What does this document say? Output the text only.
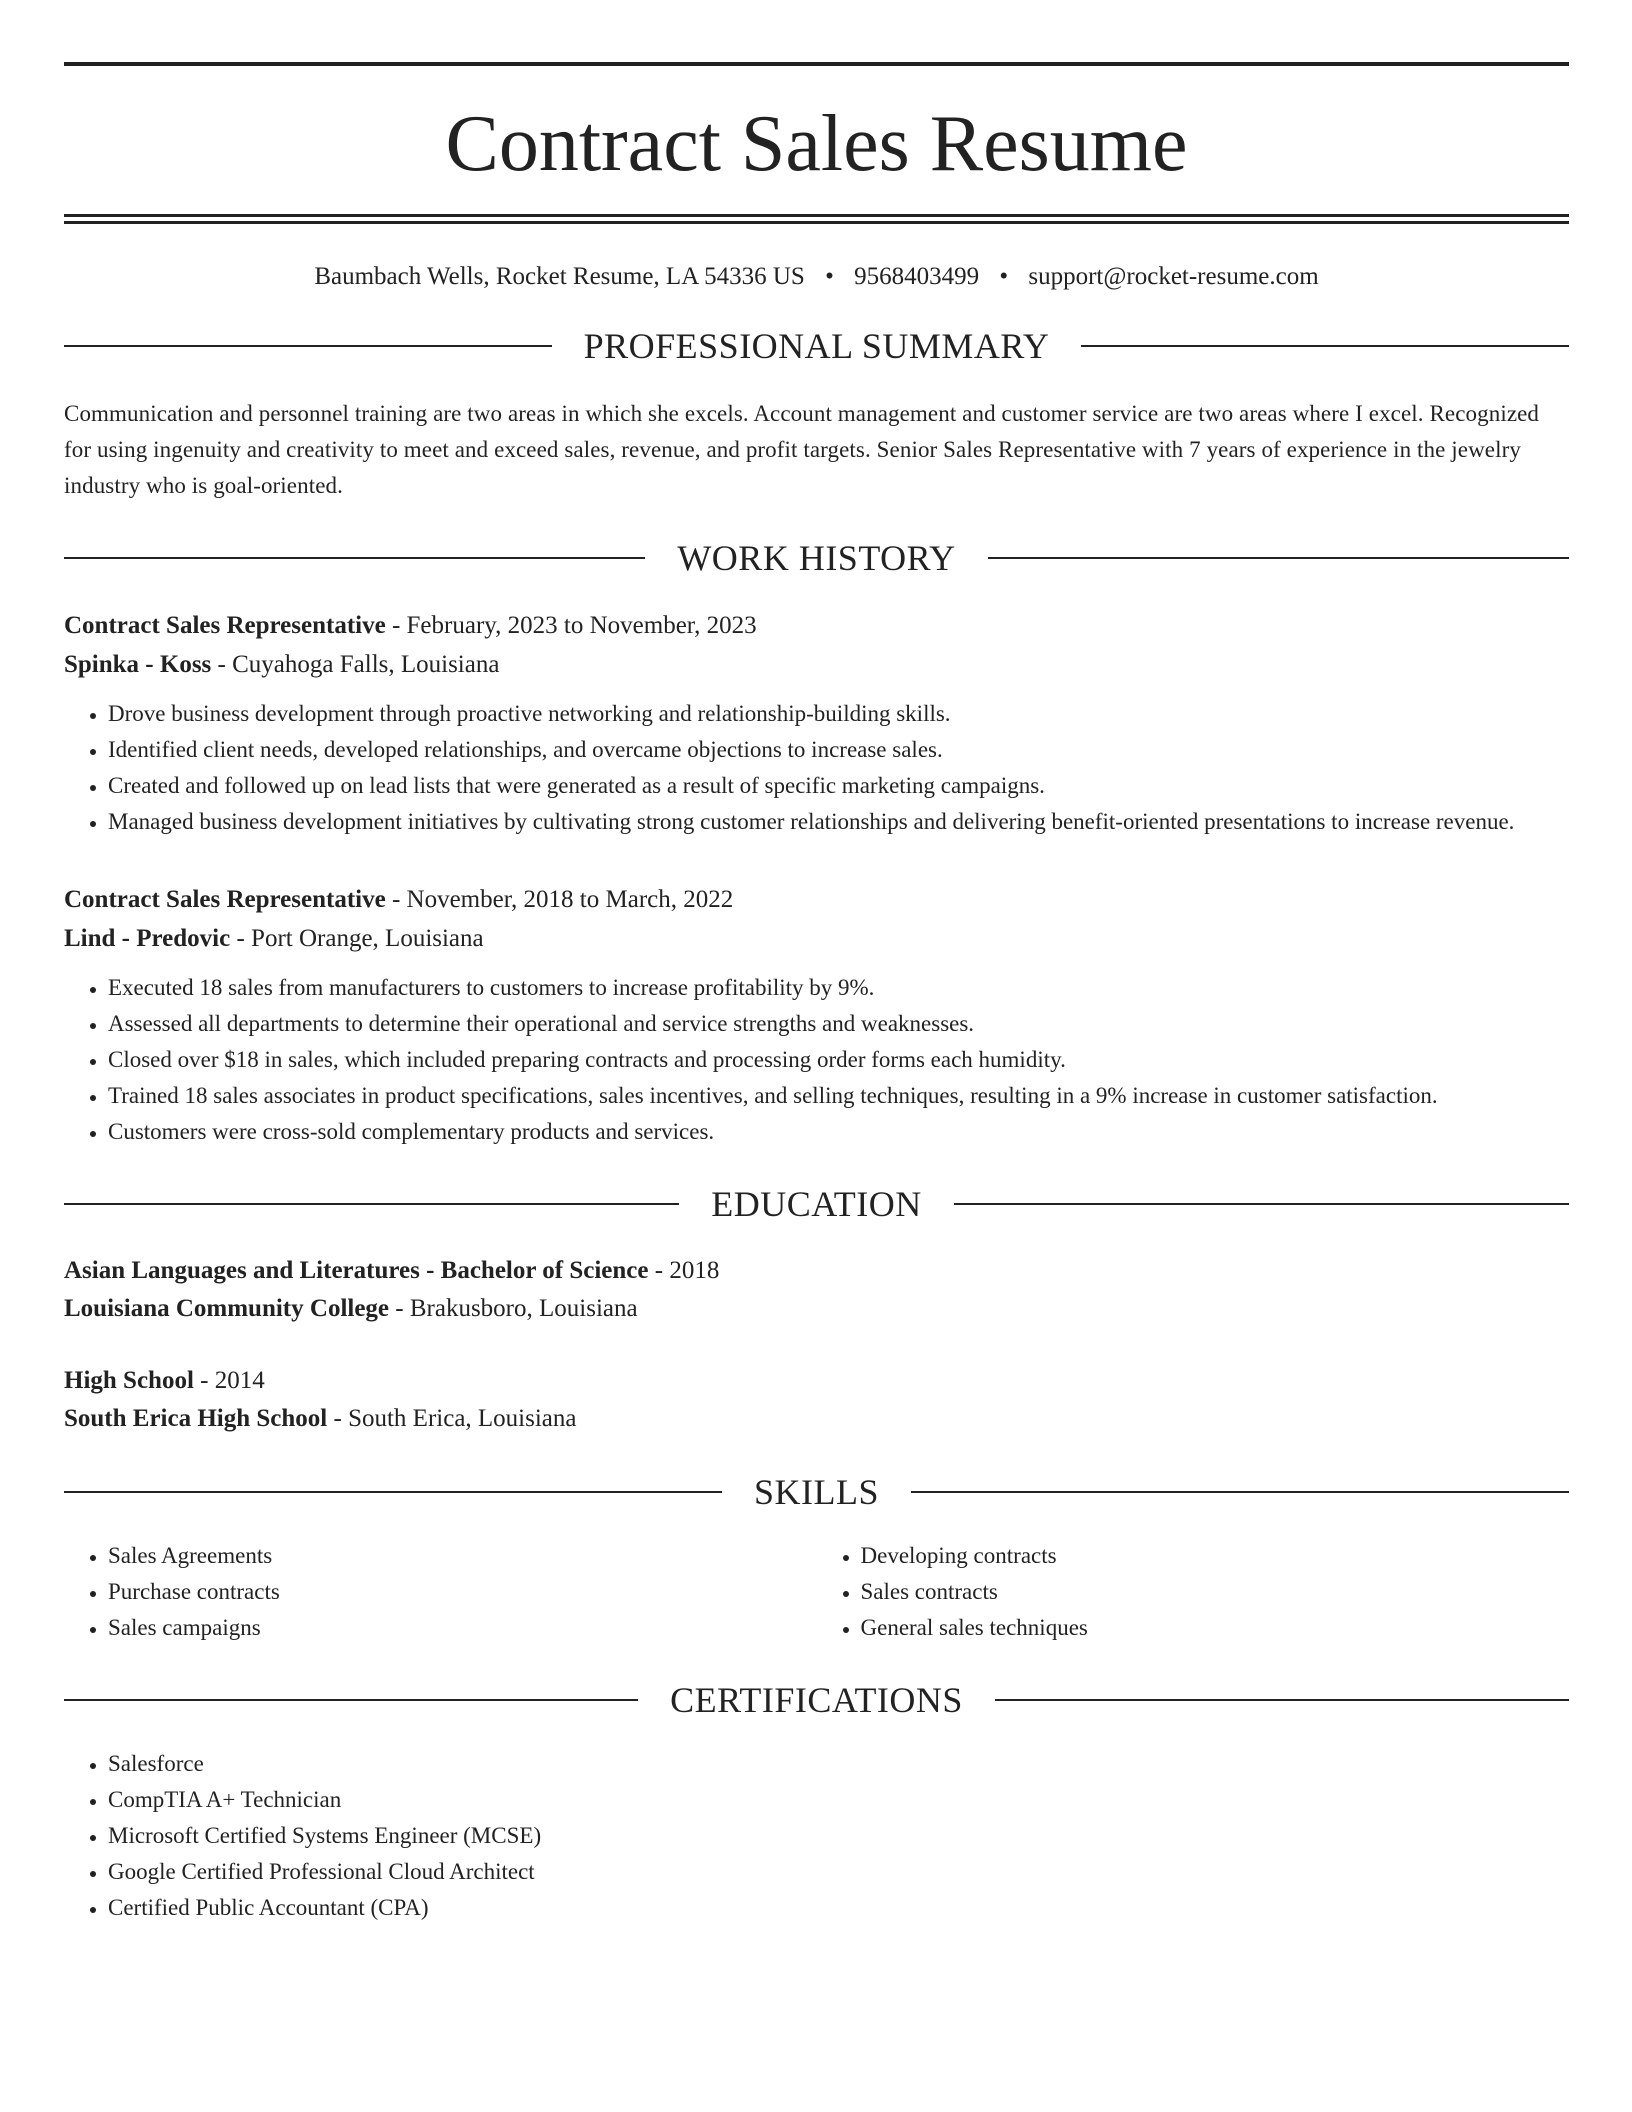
Contract Sales Resume
Baumbach Wells, Rocket Resume, LA 54336 US • 9568403499 • support@rocket-resume.com
PROFESSIONAL SUMMARY

Communication and personnel training are two areas in which she excels. Account management and customer service are two areas where I excel. Recognized for using ingenuity and creativity to meet and exceed sales, revenue, and profit targets. Senior Sales Representative with 7 years of experience in the jewelry industry who is goal-oriented.

WORK HISTORY
Contract Sales Representative - February, 2023 to November, 2023
Spinka - Koss - Cuyahoga Falls, Louisiana
• Drove business development through proactive networking and relationship-building skills.
• Identified client needs, developed relationships, and overcame objections to increase sales.
• Created and followed up on lead lists that were generated as a result of specific marketing campaigns.
• Managed business development initiatives by cultivating strong customer relationships and delivering benefit-oriented presentations to increase revenue.
Contract Sales Representative - November, 2018 to March, 2022
Lind - Predovic - Port Orange, Louisiana
• Executed 18 sales from manufacturers to customers to increase profitability by 9%.
• Assessed all departments to determine their operational and service strengths and weaknesses.
• Closed over $18 in sales, which included preparing contracts and processing order forms each humidity.
• Trained 18 sales associates in product specifications, sales incentives, and selling techniques, resulting in a 9% increase in customer satisfaction.
• Customers were cross-sold complementary products and services.
EDUCATION
Asian Languages and Literatures - Bachelor of Science - 2018
Louisiana Community College - Brakusboro, Louisiana
High School - 2014
South Erica High School - South Erica, Louisiana
SKILLS
• Sales Agreements
• Purchase contracts
• Sales campaigns
• Developing contracts
• Sales contracts
• General sales techniques
CERTIFICATIONS
• Salesforce
• CompTIA A+ Technician
• Microsoft Certified Systems Engineer (MCSE)
• Google Certified Professional Cloud Architect
• Certified Public Accountant (CPA)
